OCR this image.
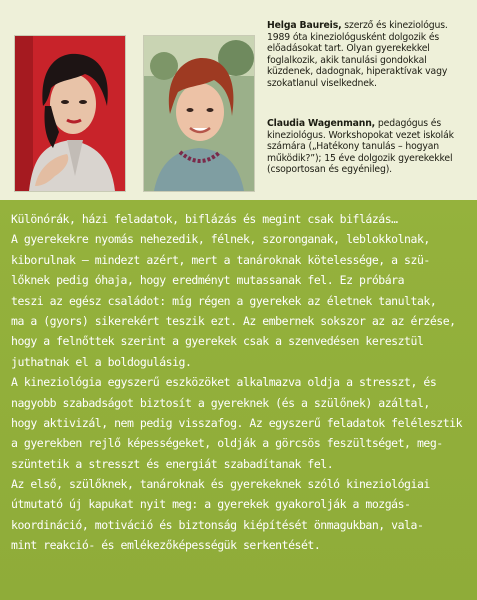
Helga Baureis, szerző és kineziológus. 1989 óta kineziológusként dolgozik és előadásokat tart. Olyan gyerekekkel foglalkozik, akik tanulási gondokkal küzdenek, dadognak, hiperaktívak vagy szokatlanul viselkednek.

Claudia Wagenmann, pedagógus és kineziológus. Workshopokat vezet iskolák számára („Hatékony tanulás – hogyan működik?”); 15 éve dolgozik gyerekekkel (csoportosan és egyénileg).

Különórák, házi feladatok, biflázás és megint csak biflázás…
A gyerekekre nyomás nehezedik, félnek, szoronganak, leblokkolnak,
kiborulnak – mindezt azért, mert a tanároknak kötelessége, a szü-
lőknek pedig óhaja, hogy eredményt mutassanak fel. Ez próbára
teszi az egész családot: míg régen a gyerekek az életnek tanultak,
ma a (gyors) sikerekért teszik ezt. Az embernek sokszor az az érzése,
hogy a felnőttek szerint a gyerekek csak a szenvedésen keresztül
juthatnak el a boldogulásig.
A kineziológia egyszerű eszközöket alkalmazva oldja a stresszt, és
nagyobb szabadságot biztosít a gyereknek (és a szülőnek) azáltal,
hogy aktivizál, nem pedig visszafog. Az egyszerű feladatok felélesztik
a gyerekben rejlő képességeket, oldják a görcsös feszültséget, meg-
szüntetik a stresszt és energiát szabadítanak fel.
Az első, szülőknek, tanároknak és gyerekeknek szóló kineziológiai
útmutató új kapukat nyit meg: a gyerekek gyakorolják a mozgás-
koordináció, motiváció és biztonság kiépítését önmagukban, vala-
mint reakció- és emlékezőképességük serkentését.
